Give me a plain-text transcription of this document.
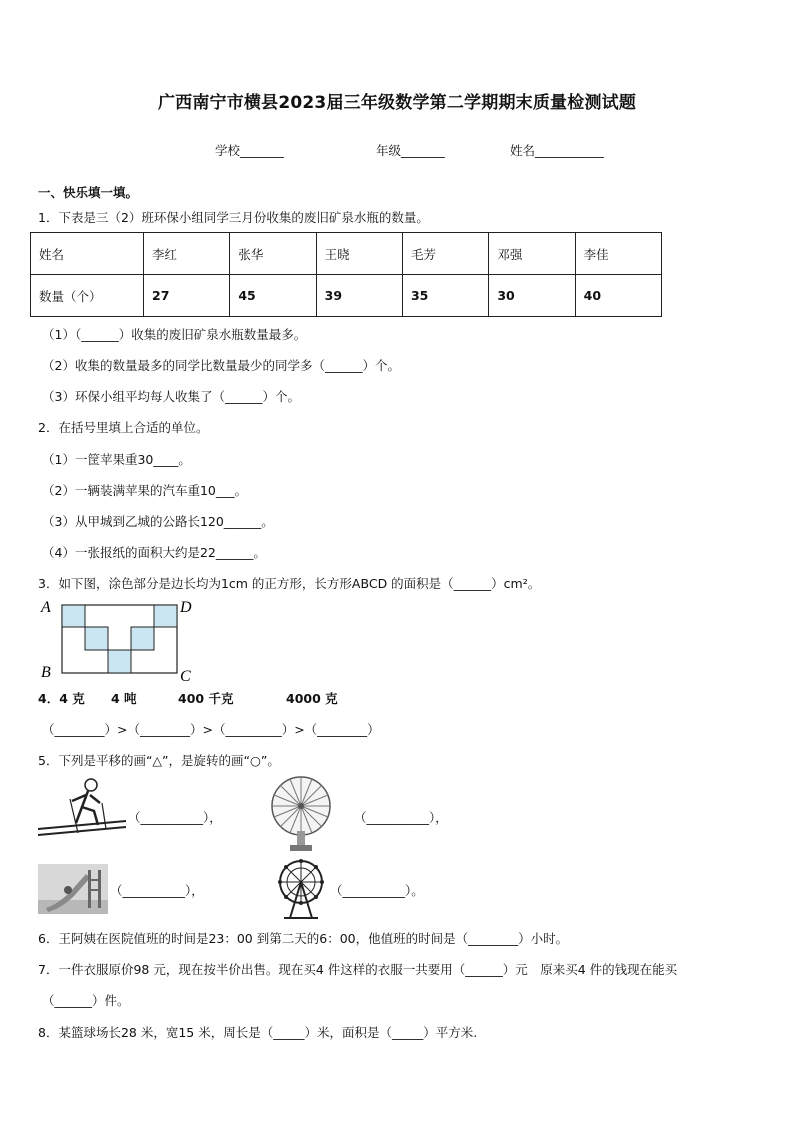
广西南宁市横县2023届三年级数学第二学期期末质量检测试题
学校_______	年级_______	姓名___________
一、快乐填一填。
1．下表是三（2）班环保小组同学三月份收集的废旧矿泉水瓶的数量。
姓名	李红	张华	王晓	毛芳	邓强	李佳
数量（个）	27	45	39	35	30	40
（1）（______）收集的废旧矿泉水瓶数量最多。
（2）收集的数量最多的同学比数量最少的同学多（______）个。
（3）环保小组平均每人收集了（______）个。
2．在括号里填上合适的单位。
（1）一筐苹果重30____。
（2）一辆装满苹果的汽车重10___。
（3）从甲城到乙城的公路长120______。
（4）一张报纸的面积大约是22______。
3．如下图，涂色部分是边长均为1cm 的正方形，长方形ABCD 的面积是（______）cm²。
A	D
B	C
4．4 克 4 吨	400 千克	4000 克
（________）>（________）>（_________）>（________）
5．下列是平移的画“△”，是旋转的画“○”。
（__________），	（__________），
（__________），	（__________）。
6．王阿姨在医院值班的时间是23：00 到第二天的6：00，他值班的时间是（________）小时。
7．一件衣服原价98 元，现在按半价出售。现在买4 件这样的衣服一共要用（______）元　原来买4 件的钱现在能买
（______）件。
8．某篮球场长28 米，宽15 米，周长是（_____）米，面积是（_____）平方米.
